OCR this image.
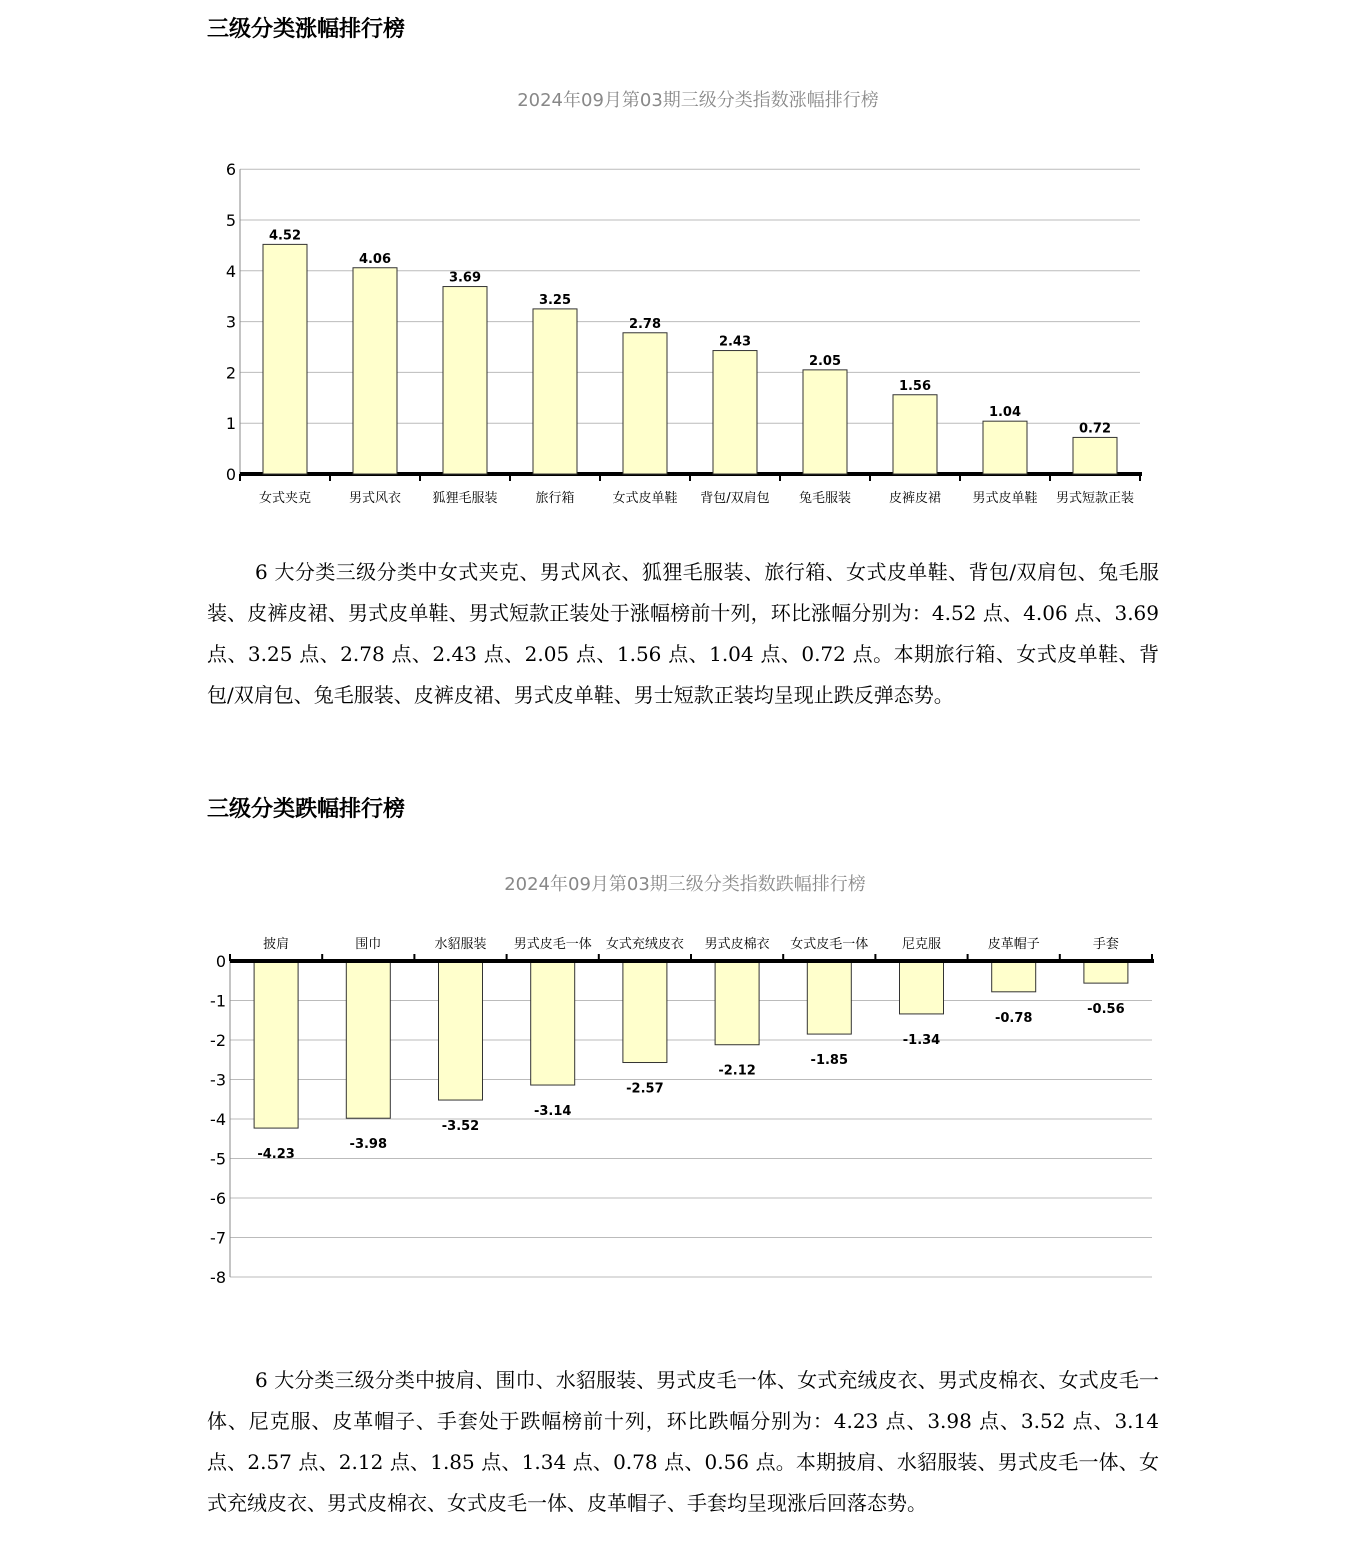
三级分类涨幅排行榜
2024年09月第03期三级分类指数涨幅排行榜
0
1
2
3
4
5
6
4.52
女式夹克
4.06
男式风衣
3.69
狐狸毛服装
3.25
旅行箱
2.78
女式皮单鞋
2.43
背包/双肩包
2.05
兔毛服装
1.56
皮裤皮裙
1.04
男式皮单鞋
0.72
男式短款正装

6 大分类三级分类中女式夹克、男式风衣、狐狸毛服装、旅行箱、女式皮单鞋、背包/双肩包、兔毛服装、皮裤皮裙、男式皮单鞋、男式短款正装处于涨幅榜前十列，环比涨幅分别为：4.52 点、4.06 点、3.69 点、3.25 点、2.78 点、2.43 点、2.05 点、1.56 点、1.04 点、0.72 点。本期旅行箱、女式皮单鞋、背包/双肩包、兔毛服装、皮裤皮裙、男式皮单鞋、男士短款正装均呈现止跌反弹态势。

三级分类跌幅排行榜
2024年09月第03期三级分类指数跌幅排行榜
0
-1
-2
-3
-4
-5
-6
-7
-8
-4.23
披肩
-3.98
围巾
-3.52
水貂服装
-3.14
男式皮毛一体
-2.57
女式充绒皮衣
-2.12
男式皮棉衣
-1.85
女式皮毛一体
-1.34
尼克服
-0.78
皮革帽子
-0.56
手套

6 大分类三级分类中披肩、围巾、水貂服装、男式皮毛一体、女式充绒皮衣、男式皮棉衣、女式皮毛一体、尼克服、皮革帽子、手套处于跌幅榜前十列，环比跌幅分别为：4.23 点、3.98 点、3.52 点、3.14 点、2.57 点、2.12 点、1.85 点、1.34 点、0.78 点、0.56 点。本期披肩、水貂服装、男式皮毛一体、女式充绒皮衣、男式皮棉衣、女式皮毛一体、皮革帽子、手套均呈现涨后回落态势。
